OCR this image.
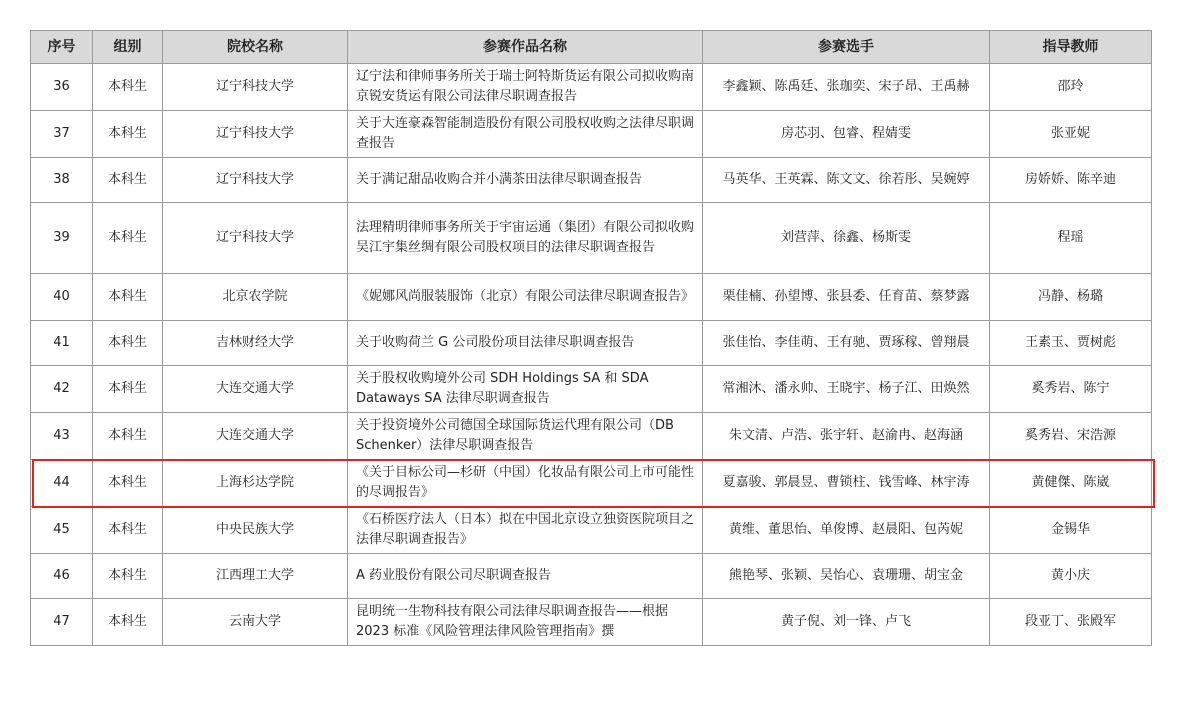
序号	组别	院校名称	参赛作品名称	参赛选手	指导教师
36	本科生	辽宁科技大学	辽宁法和律师事务所关于瑞士阿特斯货运有限公司拟收购南京锐安货运有限公司法律尽职调查报告	李鑫颖、陈禹廷、张珈奕、宋子昂、王禹赫	邵玲
37	本科生	辽宁科技大学	关于大连豪森智能制造股份有限公司股权收购之法律尽职调查报告	房芯羽、包睿、程婧雯	张亚妮
38	本科生	辽宁科技大学	关于满记甜品收购合并小满茶田法律尽职调查报告	马英华、王英霖、陈文文、徐若彤、吴婉婷	房娇娇、陈辛迪
39	本科生	辽宁科技大学	法理精明律师事务所关于宇宙运通（集团）有限公司拟收购吴江宇集丝绸有限公司股权项目的法律尽职调查报告	刘营萍、徐鑫、杨斯雯	程瑶
40	本科生	北京农学院	《妮娜风尚服装服饰（北京）有限公司法律尽职调查报告》	栗佳楠、孙望博、张县委、任育苗、蔡梦露	冯静、杨璐
41	本科生	吉林财经大学	关于收购荷兰 G 公司股份项目法律尽职调查报告	张佳怡、李佳萌、王有驰、贾琢稼、曾翔晨	王素玉、贾树彪
42	本科生	大连交通大学	关于股权收购境外公司 SDH Holdings SA 和 SDA Dataways SA 法律尽职调查报告	常湘沐、潘永帅、王晓宇、杨子江、田焕然	奚秀岩、陈宁
43	本科生	大连交通大学	关于投资境外公司德国全球国际货运代理有限公司（DB Schenker）法律尽职调查报告	朱文清、卢浩、张宇轩、赵渝冉、赵海涵	奚秀岩、宋浩源
44	本科生	上海杉达学院	《关于目标公司—杉研（中国）化妆品有限公司上市可能性的尽调报告》	夏嘉骏、郭晨昱、曹锁柱、钱雪峰、林宇涛	黄健傑、陈崴
45	本科生	中央民族大学	《石桥医疗法人（日本）拟在中国北京设立独资医院项目之法律尽职调查报告》	黄维、董思怡、单俊博、赵晨阳、包芮妮	金锡华
46	本科生	江西理工大学	A 药业股份有限公司尽职调查报告	熊艳琴、张颖、吴怡心、袁珊珊、胡宝金	黄小庆
47	本科生	云南大学	昆明统一生物科技有限公司法律尽职调查报告——根据 2023 标准《风险管理法律风险管理指南》撰	黄子倪、刘一锋、卢飞	段亚丁、张殿军
